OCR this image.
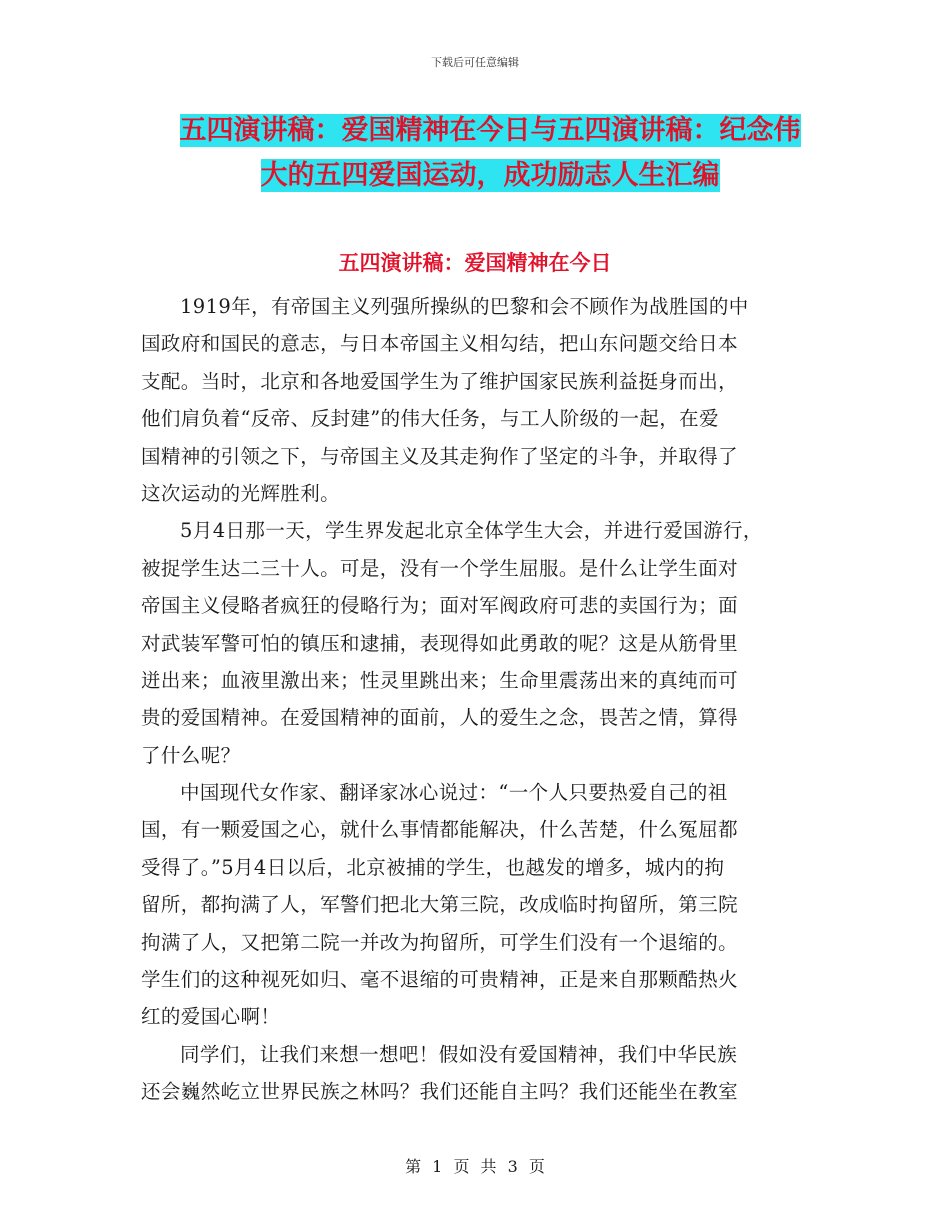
下载后可任意编辑
五四演讲稿：爱国精神在今日与五四演讲稿：纪念伟
大的五四爱国运动，成功励志人生汇编
五四演讲稿：爱国精神在今日
1919年，有帝国主义列强所操纵的巴黎和会不顾作为战胜国的中
国政府和国民的意志，与日本帝国主义相勾结，把山东问题交给日本
支配。当时，北京和各地爱国学生为了维护国家民族利益挺身而出，
他们肩负着“反帝、反封建”的伟大任务，与工人阶级的一起，在爱
国精神的引领之下，与帝国主义及其走狗作了坚定的斗争，并取得了
这次运动的光辉胜利。
5月4日那一天，学生界发起北京全体学生大会，并进行爱国游行，
被捉学生达二三十人。可是，没有一个学生屈服。是什么让学生面对
帝国主义侵略者疯狂的侵略行为；面对军阀政府可悲的卖国行为；面
对武装军警可怕的镇压和逮捕，表现得如此勇敢的呢？这是从筋骨里
迸出来；血液里激出来；性灵里跳出来；生命里震荡出来的真纯而可
贵的爱国精神。在爱国精神的面前，人的爱生之念，畏苦之情，算得
了什么呢？
中国现代女作家、翻译家冰心说过：“一个人只要热爱自己的祖
国，有一颗爱国之心，就什么事情都能解决，什么苦楚，什么冤屈都
受得了。”5月4日以后，北京被捕的学生，也越发的增多，城内的拘
留所，都拘满了人，军警们把北大第三院，改成临时拘留所，第三院
拘满了人，又把第二院一并改为拘留所，可学生们没有一个退缩的。
学生们的这种视死如归、毫不退缩的可贵精神，正是来自那颗酷热火
红的爱国心啊！
同学们，让我们来想一想吧！假如没有爱国精神，我们中华民族
还会巍然屹立世界民族之林吗？我们还能自主吗？我们还能坐在教室
第 1 页 共 3 页
